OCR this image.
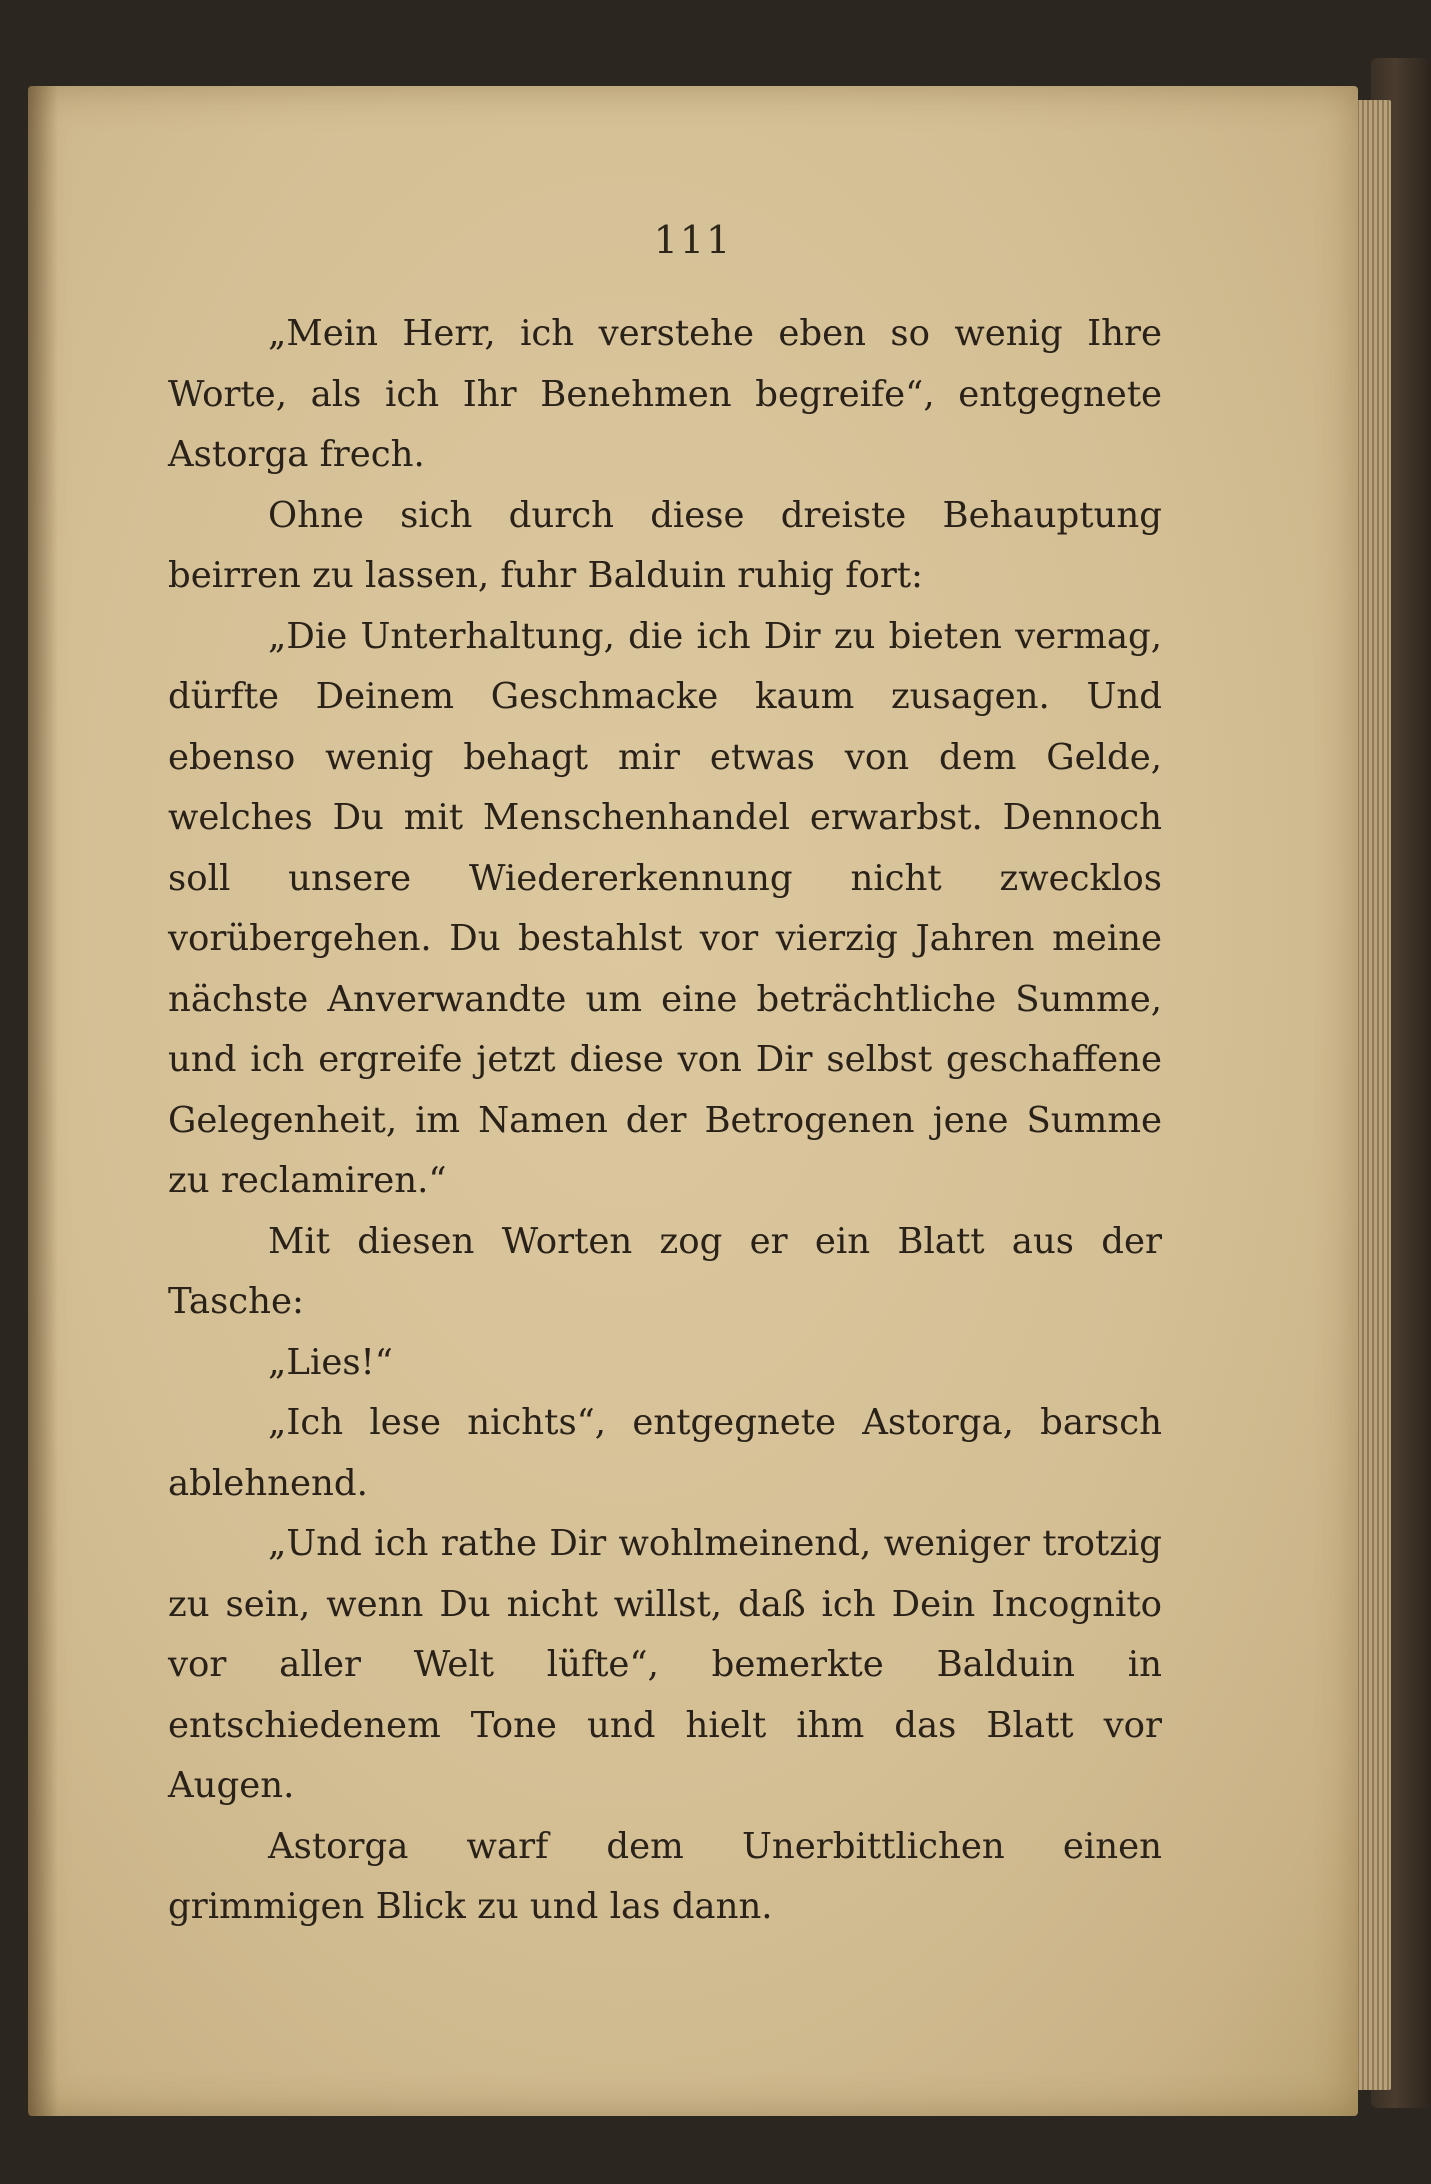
111

„Mein Herr, ich verstehe eben so wenig Ihre Worte, als ich Ihr Benehmen begreife“, entgegnete Astorga frech.

Ohne sich durch diese dreiste Behauptung beirren zu lassen, fuhr Balduin ruhig fort:

„Die Unterhaltung, die ich Dir zu bieten vermag, dürfte Deinem Geschmacke kaum zusagen. Und ebenso wenig behagt mir etwas von dem Gelde, welches Du mit Menschenhandel erwarbst. Dennoch soll unsere Wiedererkennung nicht zwecklos vorübergehen. Du bestahlst vor vierzig Jahren meine nächste Anverwandte um eine beträchtliche Summe, und ich ergreife jetzt diese von Dir selbst geschaffene Gelegenheit, im Namen der Betrogenen jene Summe zu reclamiren.“

Mit diesen Worten zog er ein Blatt aus der Tasche:

„Lies!“

„Ich lese nichts“, entgegnete Astorga, barsch ablehnend.

„Und ich rathe Dir wohlmeinend, weniger trotzig zu sein, wenn Du nicht willst, daß ich Dein Incognito vor aller Welt lüfte“, bemerkte Balduin in entschiedenem Tone und hielt ihm das Blatt vor Augen.

Astorga warf dem Unerbittlichen einen grimmigen Blick zu und las dann.
